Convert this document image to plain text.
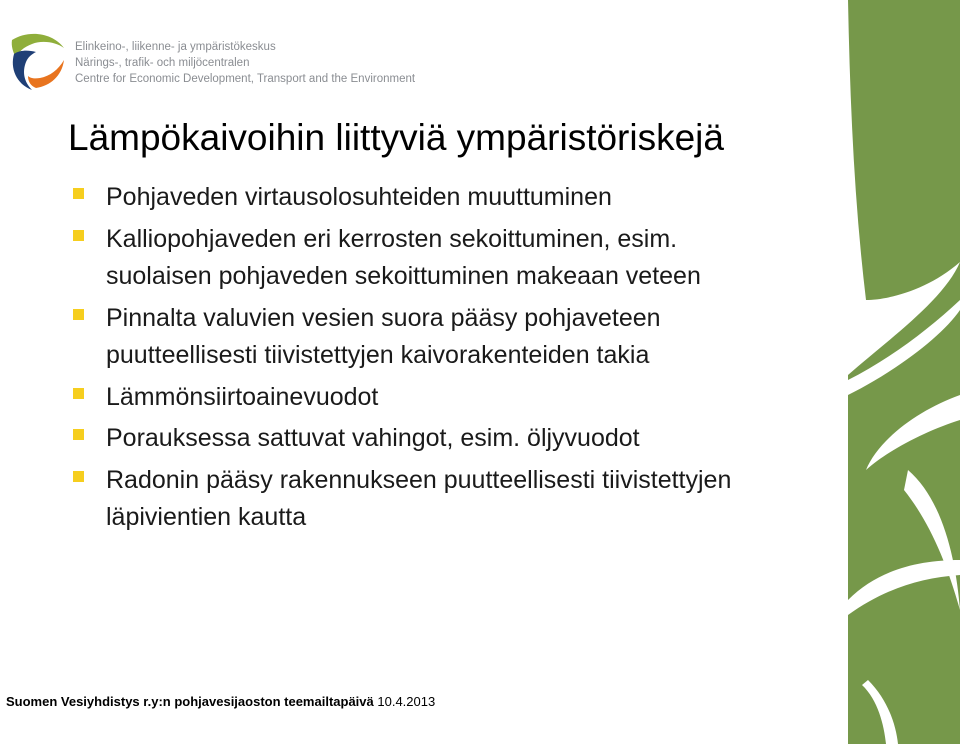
Elinkeino-, liikenne- ja ympäristökeskus
Närings-, trafik- och miljöcentralen
Centre for Economic Development, Transport and the Environment
Lämpökaivoihin liittyviä ympäristöriskejä
Pohjaveden virtausolosuhteiden muuttuminen
Kalliopohjaveden eri kerrosten sekoittuminen, esim. suolaisen pohjaveden sekoittuminen makeaan veteen
Pinnalta valuvien vesien suora pääsy pohjaveteen puutteellisesti tiivistettyjen kaivorakenteiden takia
Lämmönsiirtoainevuodot
Porauksessa sattuvat vahingot, esim. öljyvuodot
Radonin pääsy rakennukseen puutteellisesti tiivistettyjen läpivientien kautta
Suomen Vesiyhdistys r.y:n pohjavesijaoston teemailtapäivä 10.4.2013
